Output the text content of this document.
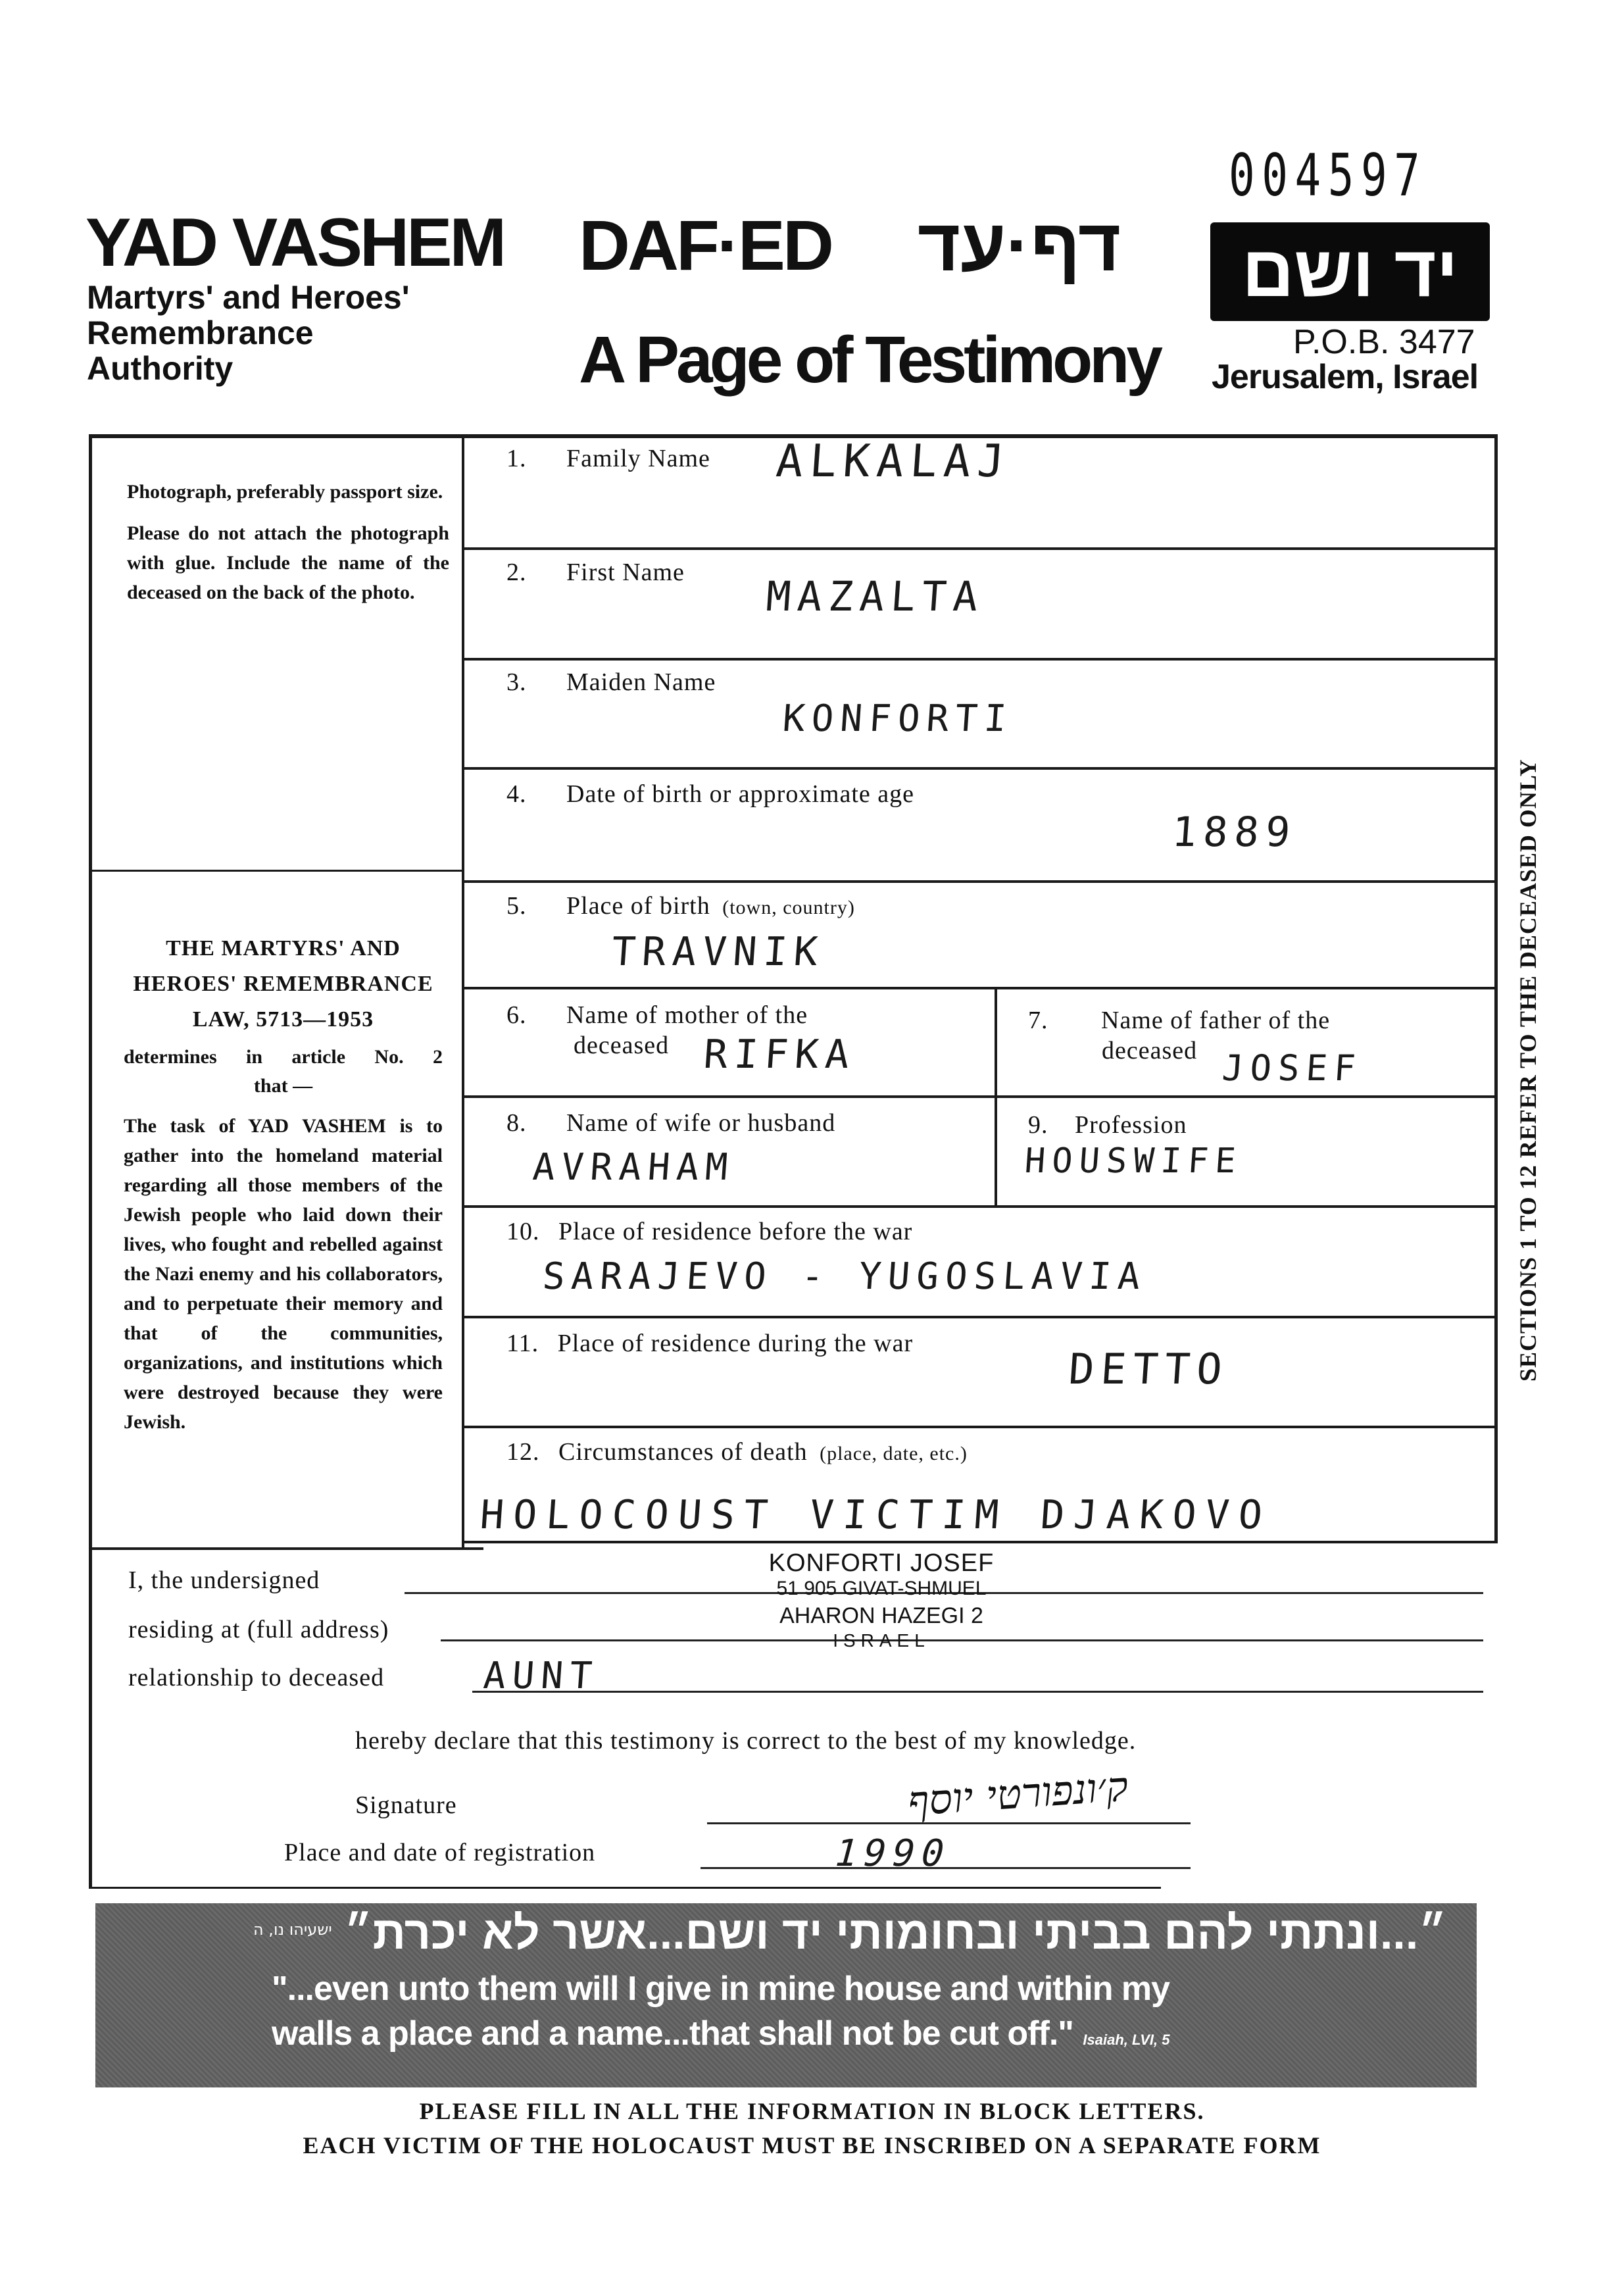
004597
YAD VASHEM
Martyrs' and Heroes'
Remembrance
Authority
DAF·ED דף·עד
A Page of Testimony
יד ושם
P.O.B. 3477
Jerusalem, Israel
Photograph, preferably passport size.
Please do not attach the photograph with glue. Include the name of the deceased on the back of the photo.
THE MARTYRS' AND
HEROES' REMEMBRANCE
LAW, 5713—1953
determines in article No. 2
that —
The task of YAD VASHEM is to gather into the homeland material regarding all those members of the Jewish people who laid down their lives, who fought and rebelled against the Nazi enemy and his collaborators, and to perpetuate their memory and that of the communities, organizations, and institutions which were destroyed because they were Jewish.
SECTIONS 1 TO 12 REFER TO THE DECEASED ONLY
1. Family Name ALKALAJ
2. First Name MAZALTA
3. Maiden Name
KONFORTI
4. Date of birth or approximate age
1889
5. Place of birth (town, country)
TRAVNIK
6. Name of mother of the
deceased RIFKA
7. Name of father of the
deceased JOSEF
8. Name of wife or husband
AVRAHAM
9. Profession
HOUSWIFE
10. Place of residence before the war
SARAJEVO - YUGOSLAVIA
11. Place of residence during the war
DETTO
12. Circumstances of death (place, date, etc.)
HOLOCOUST VICTIM DJAKOVO
I, the undersigned
KONFORTI JOSEF
51 905 GIVAT-SHMUEL
residing at (full address)	AHARON HAZEGI 2
ISRAEL
relationship to deceased	AUNT
hereby declare that this testimony is correct to the best of my knowledge.
Signature	ק׳ונפורטי יוסף
Place and date of registration	1990
ישעיהו נו, ה ״...ונתתי להם בביתי ובחומותי יד ושם...אשר לא יכרת״
"...even unto them will I give in mine house and within my
walls a place and a name...that shall not be cut off." Isaiah, LVI, 5
PLEASE FILL IN ALL THE INFORMATION IN BLOCK LETTERS.
EACH VICTIM OF THE HOLOCAUST MUST BE INSCRIBED ON A SEPARATE FORM
